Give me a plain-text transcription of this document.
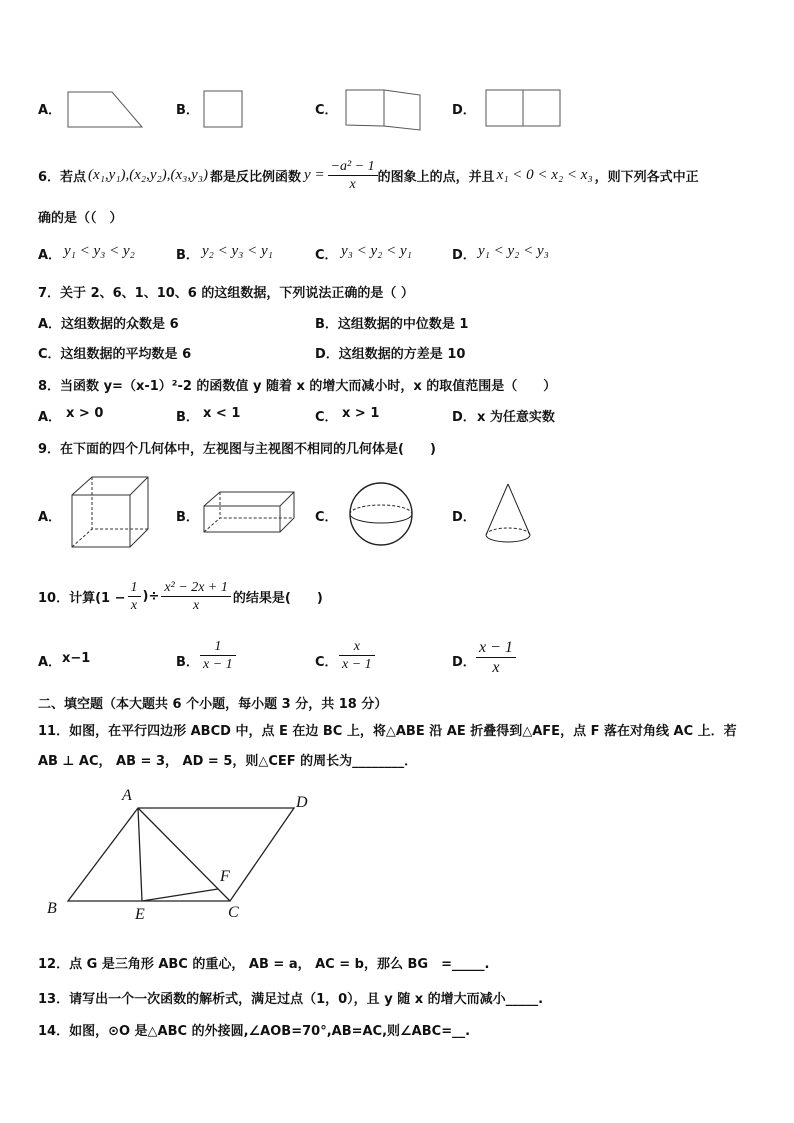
A．	B．	C．	D．
6．若点 (x₁,y₁),(x₂,y₂),(x₃,y₃) 都是反比例函数 $y = \frac{\text{−a² − 1}}{x}$ 的图象上的点，并且 x₁ < 0 < x₂ < x₃ ，则下列各式中正
确的是（（　）
A． y₁ < y₃ < y₂	B． y₂ < y₃ < y₁	C． y₃ < y₂ < y₁	D． y₁ < y₂ < y₃
7．关于 2、6、1、10、6 的这组数据，下列说法正确的是（ ）
A．这组数据的众数是 6	B．这组数据的中位数是 1
C．这组数据的平均数是 6	D．这组数据的方差是 10
8．当函数 y=（x-1）²-2 的函数值 y 随着 x 的增大而减小时，x 的取值范围是（　　）
A． x > 0	B． x < 1	C． x > 1	D． x 为任意实数
9．在下面的四个几何体中，左视图与主视图不相同的几何体是(　　)
A．	B．	C．	D．
10．计算($1 - \frac{1}{x}$ )÷ $\frac{\text{x² − 2x + 1}}{x}$ 的结果是(　　)
A． x−1	B． $\frac{1}{x - 1}$	C． $\frac{x}{x - 1}$	D． $\frac{x - 1}{x}$
二、填空题（本大题共 6 个小题，每小题 3 分，共 18 分）
11．如图，在平行四边形 ABCD 中，点 E 在边 BC 上，将△ABE 沿 AE 折叠得到△AFE，点 F 落在对角线 AC 上．若
AB ⊥ AC， AB = 3， AD = 5，则△CEF 的周长为________．
A	D
B	E	C
F
12．点 G 是三角形 ABC 的重心， AB = a， AC = b，那么 BG　=_____.
13．请写出一个一次函数的解析式，满足过点（1，0），且 y 随 x 的增大而减小_____.
14．如图，⊙O 是△ABC 的外接圆,∠AOB=70°,AB=AC,则∠ABC=__.
